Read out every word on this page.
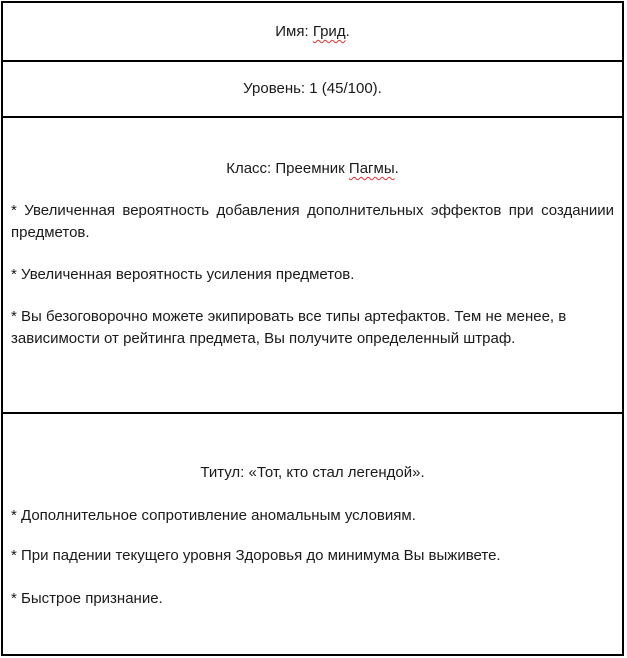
Имя: Грид.
Уровень: 1 (45/100).
Класс: Преемник Пагмы.
* Увеличенная вероятность добавления дополнительных эффектов при созданиии предметов.
* Увеличенная вероятность усиления предметов.
* Вы безоговорочно можете экипировать все типы артефактов. Тем не менее, в зависимости от рейтинга предмета, Вы получите определенный штраф.
Титул: «Тот, кто стал легендой».
* Дополнительное сопротивление аномальным условиям.
* При падении текущего уровня Здоровья до минимума Вы выживете.
* Быстрое признание.
